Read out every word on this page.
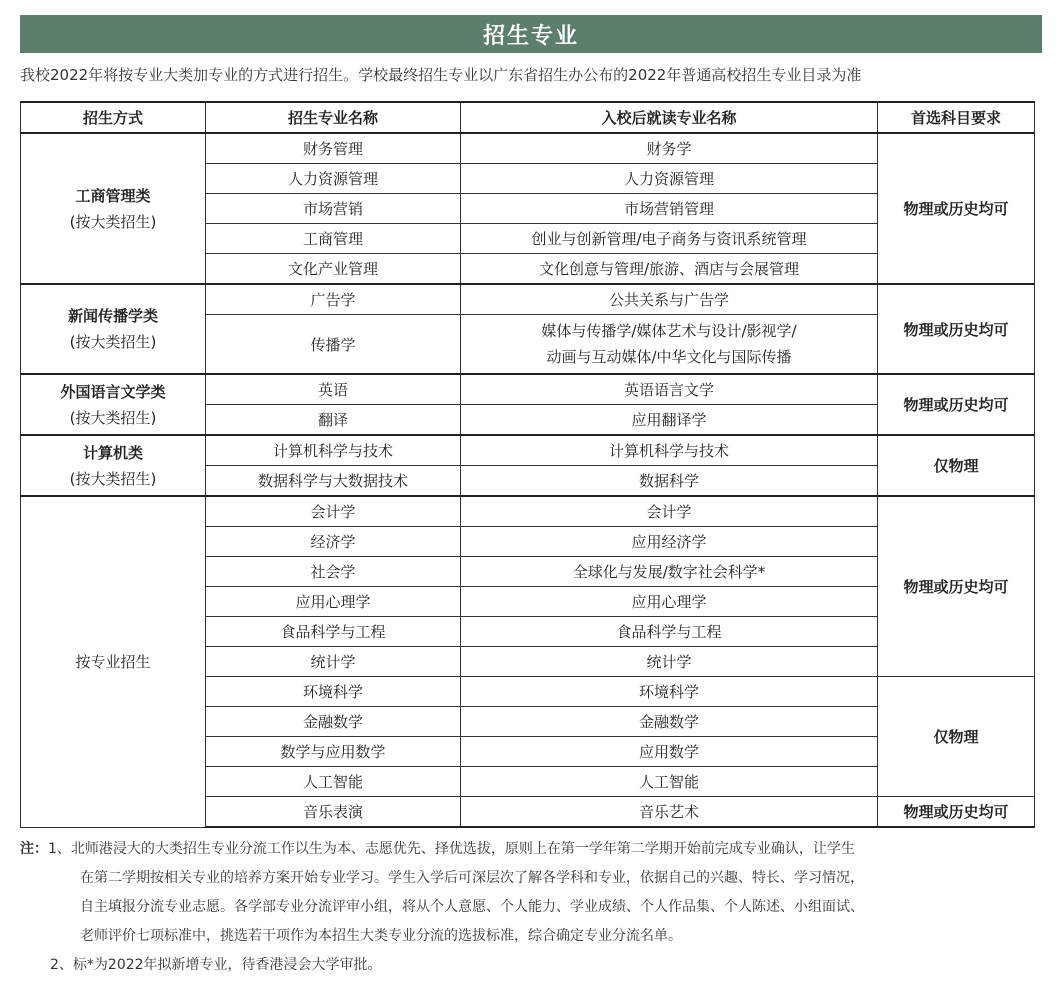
招生专业
我校2022年将按专业大类加专业的方式进行招生。学校最终招生专业以广东省招生办公布的2022年普通高校招生专业目录为准
招生方式	招生专业名称	入校后就读专业名称	首选科目要求

工商管理类
(按大类招生)	财务管理	财务学	物理或历史均可
	人力资源管理	人力资源管理	
	市场营销	市场营销管理	
	工商管理	创业与创新管理/电子商务与资讯系统管理	
	文化产业管理	文化创意与管理/旅游、酒店与会展管理	

新闻传播学类
(按大类招生)	广告学	公共关系与广告学	物理或历史均可
	传播学	媒体与传播学/媒体艺术与设计/影视学/
动画与互动媒体/中华文化与国际传播	

外国语言文学类
(按大类招生)	英语	英语语言文学	物理或历史均可
	翻译	应用翻译学	

计算机类
(按大类招生)	计算机科学与技术	计算机科学与技术	仅物理
	数据科学与大数据技术	数据科学	
按专业招生	会计学	会计学	物理或历史均可
	经济学	应用经济学	
	社会学	全球化与发展/数字社会科学*	
	应用心理学	应用心理学	
	食品科学与工程	食品科学与工程	
	统计学	统计学	
	环境科学	环境科学	仅物理
	金融数学	金融数学	
	数学与应用数学	应用数学	
	人工智能	人工智能	
	音乐表演	音乐艺术	物理或历史均可
注：1、北师港浸大的大类招生专业分流工作以生为本、志愿优先、择优选拔，原则上在第一学年第二学期开始前完成专业确认，让学生
在第二学期按相关专业的培养方案开始专业学习。学生入学后可深层次了解各学科和专业，依据自己的兴趣、特长、学习情况，
自主填报分流专业志愿。各学部专业分流评审小组，将从个人意愿、个人能力、学业成绩、个人作品集、个人陈述、小组面试、
老师评价七项标准中，挑选若干项作为本招生大类专业分流的选拔标准，综合确定专业分流名单。
2、标*为2022年拟新增专业，待香港浸会大学审批。
